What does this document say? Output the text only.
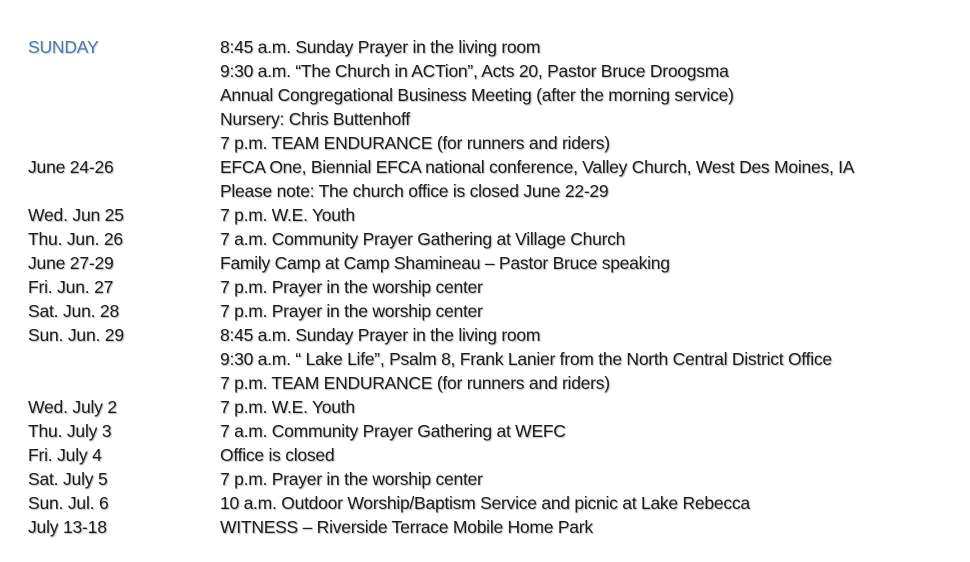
SUNDAY	8:45 a.m. Sunday Prayer in the living room
9:30 a.m. “The Church in ACTion”, Acts 20, Pastor Bruce Droogsma
Annual Congregational Business Meeting (after the morning service)
Nursery: Chris Buttenhoff
7 p.m. TEAM ENDURANCE (for runners and riders)
June 24-26	EFCA One, Biennial EFCA national conference, Valley Church, West Des Moines, IA
Please note: The church office is closed June 22-29
Wed. Jun 25	7 p.m. W.E. Youth
Thu. Jun. 26	7 a.m. Community Prayer Gathering at Village Church
June 27-29	Family Camp at Camp Shamineau – Pastor Bruce speaking
Fri. Jun. 27	7 p.m. Prayer in the worship center
Sat. Jun. 28	7 p.m. Prayer in the worship center
Sun. Jun. 29	8:45 a.m. Sunday Prayer in the living room
9:30 a.m. “ Lake Life”, Psalm 8, Frank Lanier from the North Central District Office
7 p.m. TEAM ENDURANCE (for runners and riders)
Wed. July 2	7 p.m. W.E. Youth
Thu. July 3	7 a.m. Community Prayer Gathering at WEFC
Fri. July 4	Office is closed
Sat. July 5	7 p.m. Prayer in the worship center
Sun. Jul. 6	10 a.m. Outdoor Worship/Baptism Service and picnic at Lake Rebecca
July 13-18	WITNESS – Riverside Terrace Mobile Home Park
